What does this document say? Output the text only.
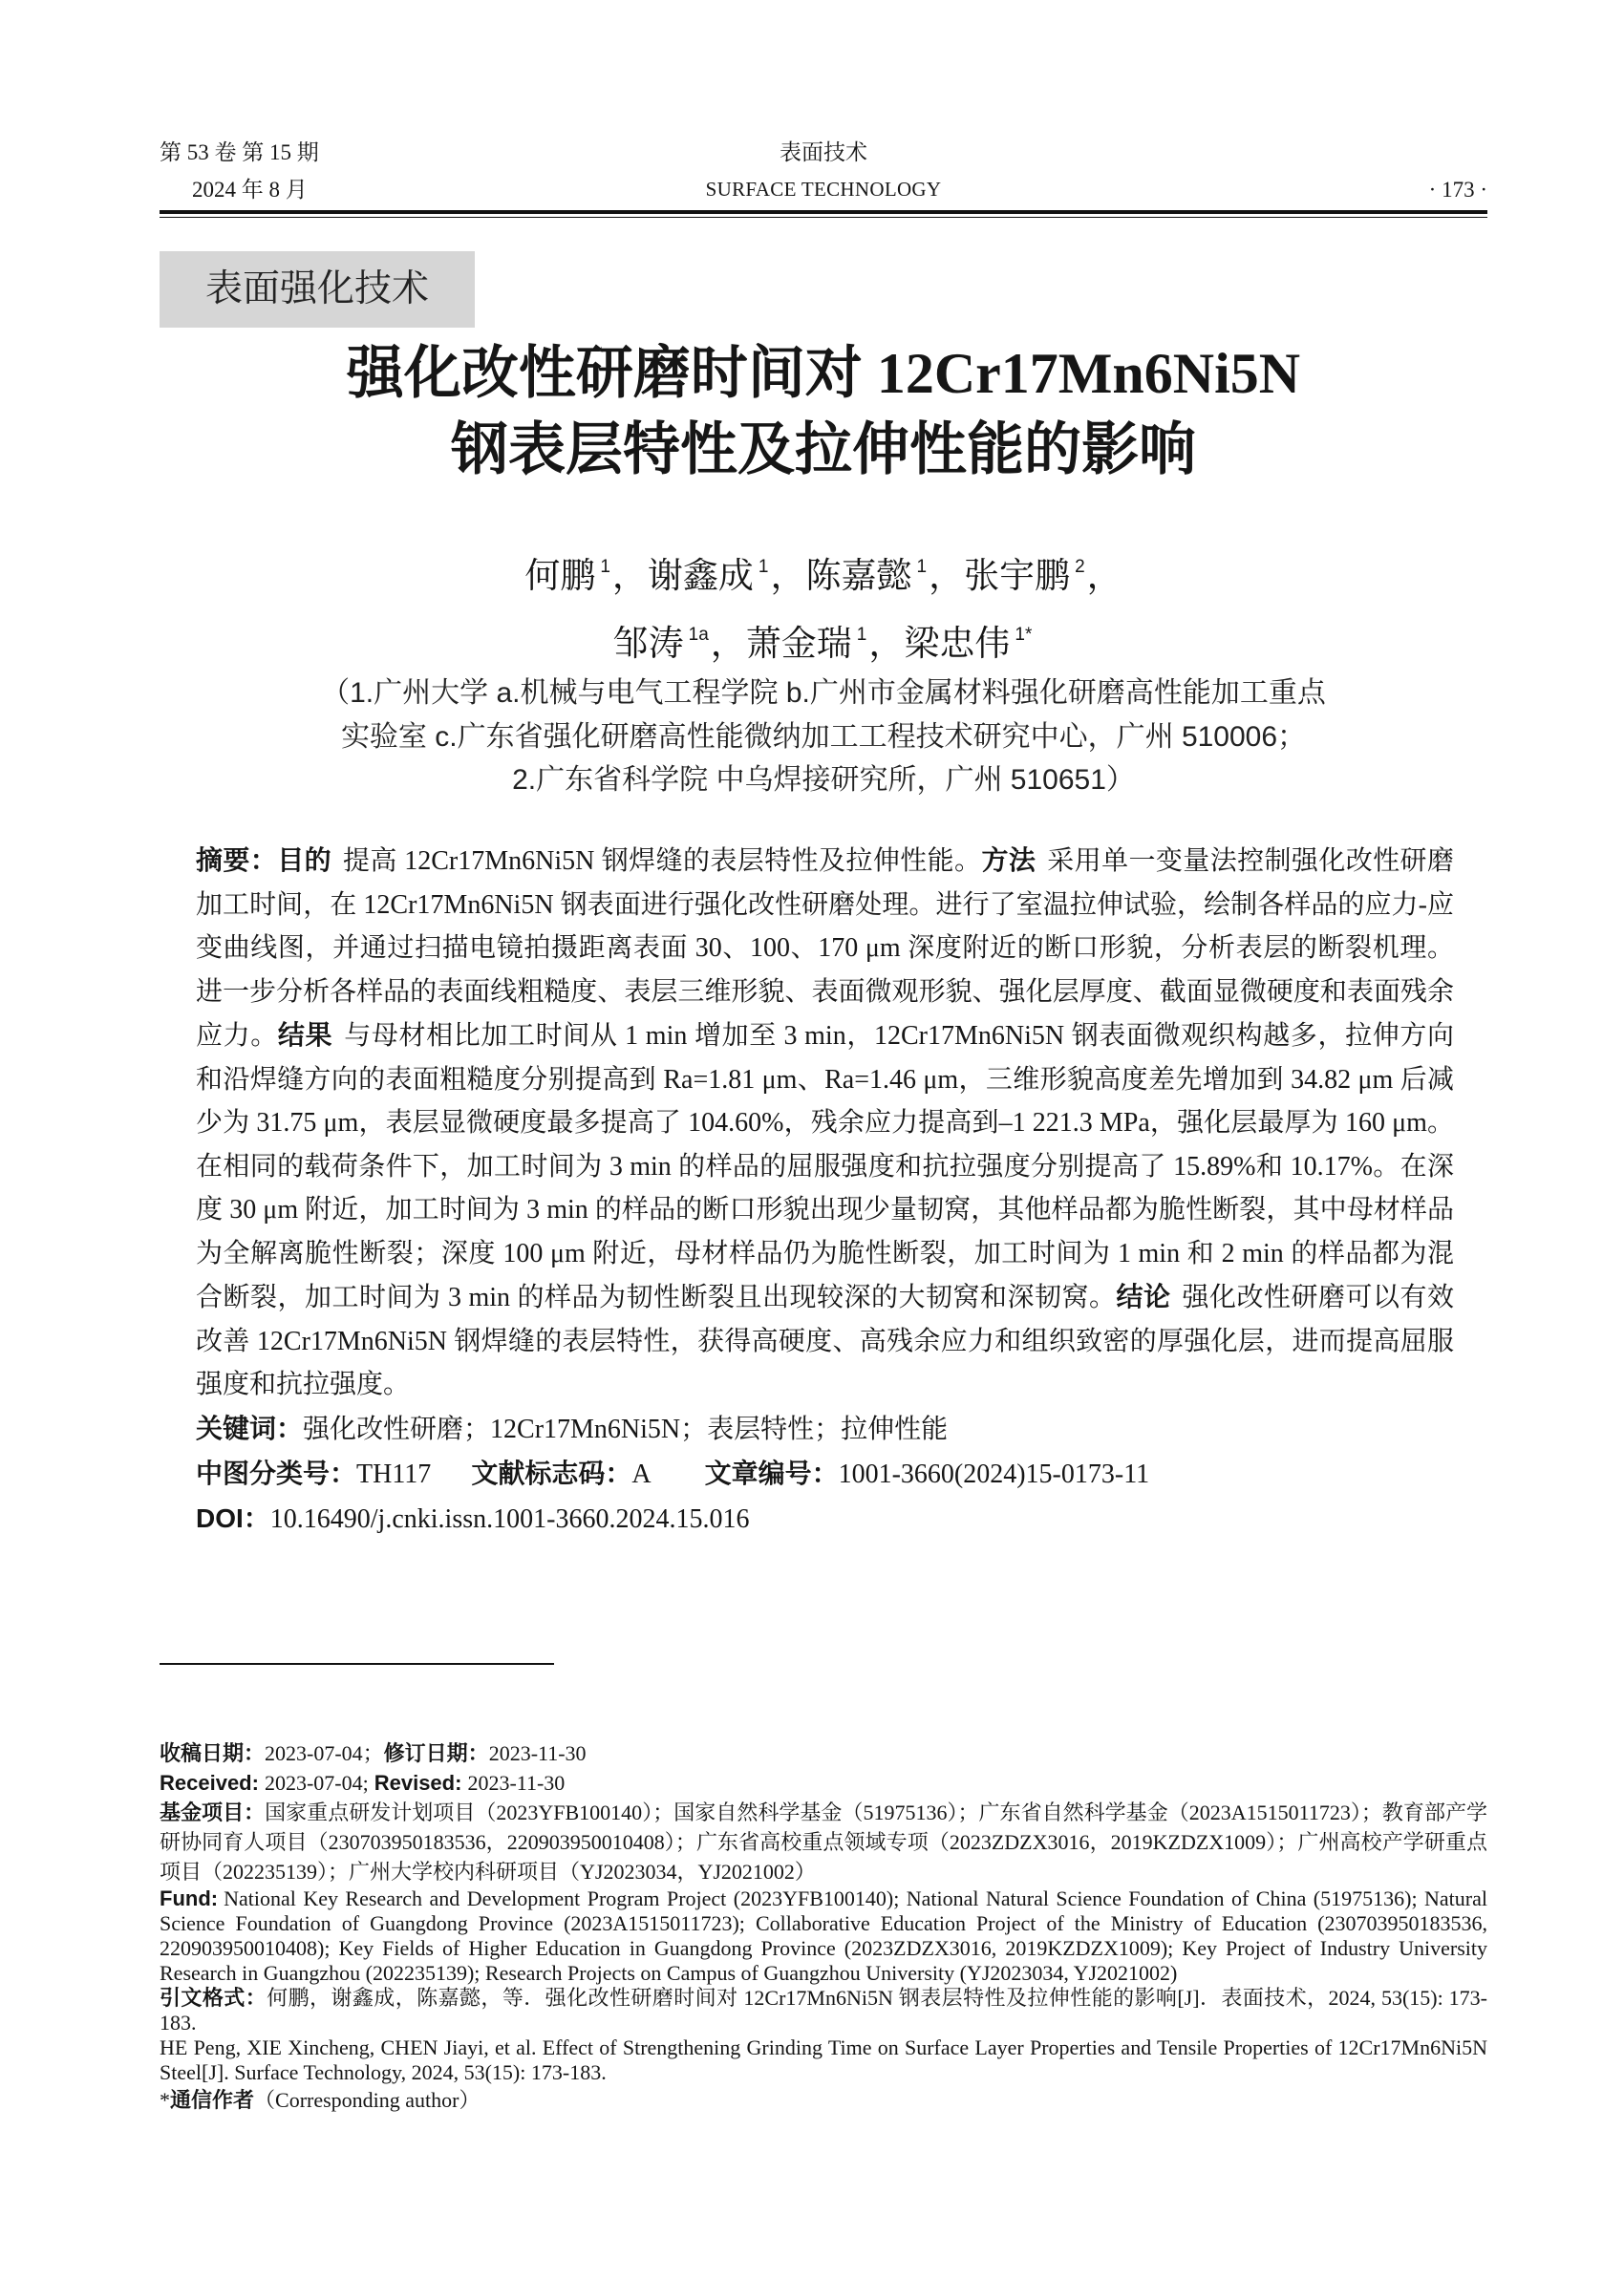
第 53 卷 第 15 期
2024 年 8 月
表面技术
SURFACE TECHNOLOGY	· 173 ·
表面强化技术
强化改性研磨时间对 12Cr17Mn6Ni5N
钢表层特性及拉伸性能的影响
何鹏 $^1$，谢鑫成 $^1$，陈嘉懿 $^1$，张宇鹏 $^2$，
邹涛 $^{1a}$，萧金瑞 $^1$，梁忠伟 $^{1*}$
（1.广州大学 a.机械与电气工程学院 b.广州市金属材料强化研磨高性能加工重点
实验室 c.广东省强化研磨高性能微纳加工工程技术研究中心，广州 510006；
2.广东省科学院 中乌焊接研究所，广州 510651）

摘要：目的 提高 12Cr17Mn6Ni5N 钢焊缝的表层特性及拉伸性能。方法 采用单一变量法控制强化改性研磨加工时间，在 12Cr17Mn6Ni5N 钢表面进行强化改性研磨处理。进行了室温拉伸试验，绘制各样品的应力-应变曲线图，并通过扫描电镜拍摄距离表面 30、100、170 μm 深度附近的断口形貌，分析表层的断裂机理。进一步分析各样品的表面线粗糙度、表层三维形貌、表面微观形貌、强化层厚度、截面显微硬度和表面残余应力。结果 与母材相比加工时间从 1 min 增加至 3 min，12Cr17Mn6Ni5N 钢表面微观织构越多，拉伸方向和沿焊缝方向的表面粗糙度分别提高到 Ra=1.81 μm、Ra=1.46 μm，三维形貌高度差先增加到 34.82 μm 后减少为 31.75 μm，表层显微硬度最多提高了 104.60%，残余应力提高到–1 221.3 MPa，强化层最厚为 160 μm。在相同的载荷条件下，加工时间为 3 min 的样品的屈服强度和抗拉强度分别提高了 15.89%和 10.17%。在深度 30 μm 附近，加工时间为 3 min 的样品的断口形貌出现少量韧窝，其他样品都为脆性断裂，其中母材样品为全解离脆性断裂；深度 100 μm 附近，母材样品仍为脆性断裂，加工时间为 1 min 和 2 min 的样品都为混合断裂，加工时间为 3 min 的样品为韧性断裂且出现较深的大韧窝和深韧窝。结论 强化改性研磨可以有效改善 12Cr17Mn6Ni5N 钢焊缝的表层特性，获得高硬度、高残余应力和组织致密的厚强化层，进而提高屈服强度和抗拉强度。

关键词：强化改性研磨；12Cr17Mn6Ni5N；表层特性；拉伸性能
中图分类号：TH117 文献标志码：A 文章编号：1001-3660(2024)15-0173-11
DOI：10.16490/j.cnki.issn.1001-3660.2024.15.016
收稿日期：2023-07-04；修订日期：2023-11-30
Received: 2023-07-04; Revised: 2023-11-30
基金项目：国家重点研发计划项目（2023YFB100140）；国家自然科学基金（51975136）；广东省自然科学基金（2023A1515011723）；教育部产学研协同育人项目（230703950183536，220903950010408）；广东省高校重点领域专项（2023ZDZX3016，2019KZDZX1009）；广州高校产学研重点项目（202235139）；广州大学校内科研项目（YJ2023034，YJ2021002）
Fund: National Key Research and Development Program Project (2023YFB100140); National Natural Science Foundation of China (51975136); Natural Science Foundation of Guangdong Province (2023A1515011723); Collaborative Education Project of the Ministry of Education (230703950183536, 220903950010408); Key Fields of Higher Education in Guangdong Province (2023ZDZX3016, 2019KZDZX1009); Key Project of Industry University Research in Guangzhou (202235139); Research Projects on Campus of Guangzhou University (YJ2023034, YJ2021002)
引文格式：何鹏，谢鑫成，陈嘉懿，等．强化改性研磨时间对 12Cr17Mn6Ni5N 钢表层特性及拉伸性能的影响[J]．表面技术，2024, 53(15): 173-183.
HE Peng, XIE Xincheng, CHEN Jiayi, et al. Effect of Strengthening Grinding Time on Surface Layer Properties and Tensile Properties of 12Cr17Mn6Ni5N Steel[J]. Surface Technology, 2024, 53(15): 173-183.
*通信作者（Corresponding author）
